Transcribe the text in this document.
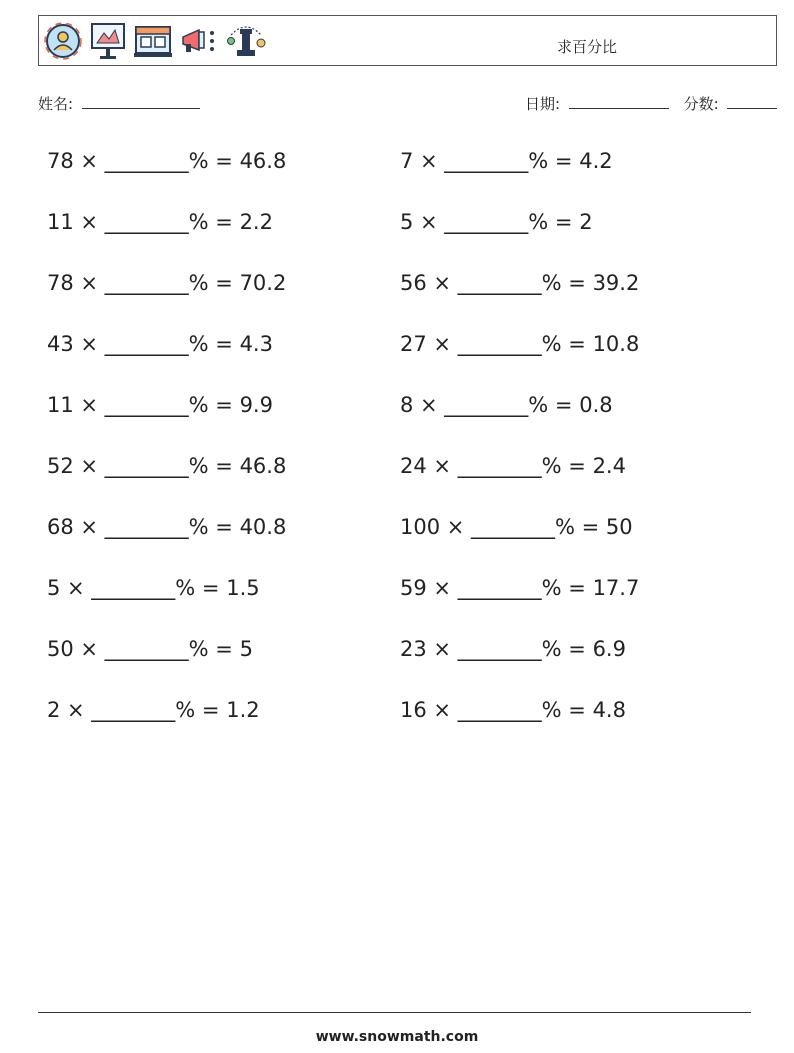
求百分比
姓名:	日期:	分数:
78 × ________% = 46.8
11 × ________% = 2.2
78 × ________% = 70.2
43 × ________% = 4.3
11 × ________% = 9.9
52 × ________% = 46.8
68 × ________% = 40.8
5 × ________% = 1.5
50 × ________% = 5
2 × ________% = 1.2
7 × ________% = 4.2
5 × ________% = 2
56 × ________% = 39.2
27 × ________% = 10.8
8 × ________% = 0.8
24 × ________% = 2.4
100 × ________% = 50
59 × ________% = 17.7
23 × ________% = 6.9
16 × ________% = 4.8
www.snowmath.com
